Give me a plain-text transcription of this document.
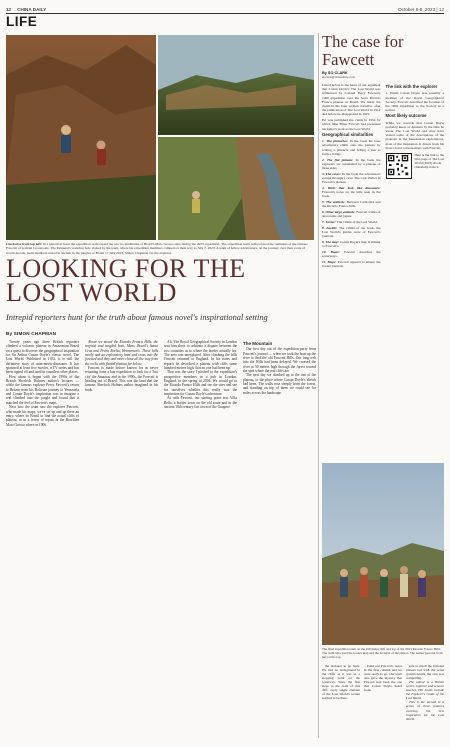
12 CHINA DAILY	October 6-8, 2023 | 12
LIFE
Clockwise from top left: In a historical hotel the expedition team repaid the saw its landmarks of Brazil's Mato Grosso state during the 2023 expedition. The expedition team rediscovered the remnants of the famous Fawcett of Gabriel Crossroads. The Pantanal's watering hole visited by the team, where his expedition members camped on their way to July 7, 2023. A team of fellow adventurers, on the journey over their route of recent decade, team members rested in ancient in the jungles of Brazil 17 July 2023. Simon Chapman via the explorer.
LOOKING FOR THE LOST WORLD
Intrepid reporters hunt for the truth about famous novel's inspirational setting
By SIMON CHAPMAN

Twenty years ago three British reporters climbed a volcanic plateau in Amazonian Brazil on a quest to discover the geographical inspiration for Sir Arthur Conan Doyle's classic novel, The Lost World. Published in 1912, it is still the definitive story of man-meets-dinosaurs. It has spawned at least five movies, a TV series and has been ripped off and used in countless other places.

How about it began with the 1990s of the British Sherlock Holmes author's lectures — while the famous explorer Percy Fawcett's return to Britain from his Bolivian journey to Venezuela and Conan Doyle's inspiration was to imagine a real climbed into the jungle and found that it matched the feel of Fawcett's maps.

Next how the team saw the explorer Fawcett, who made his maps, we've set up and up there an entry, where its Brazil to find the actual cliffs of plateau, or in a forest of tepuis in the Brazilian Mato Grosso where in 1906.

Above we mixed the Ricardo Franco Hills, the tropical and tangled boat, Mato, Brazil's Santa Cruz and Pedra Rocha, Wenneman's. These hills rarely and an exploratory hunt and cross into the forested and they and more chose all the way from the rocks with flatted plateau far below.

Fawcett is made before known for as never returning from a late expedition to look for a 'lost city' the Amazon, and in the 1990s, the Fawcett is heading out of Brazil. This was the land that the famous Sherlock Holmes author imagined in his book.

All. The Royal Geographical Society in London sent him there to arbitrate a dispute between the two countries as to where the border actually lay. The area was unexplored. After climbing the hills Fawcett returned to England. In his notes and reports he described a plateau with cliffs some hundred meters high, that no one had been up.

That was the story I pitched to the expedition's prospective members in a pub in London, England, in the spring of 2004. We would go to the Ricardo Franco Hills and see the sites and see for ourselves whether this really was the inspiration for Conan Doyle's adventure.

As with Fawcett, our starting point was Villa Bella, a border town on the old route and in the ancient 18th century fort town of the Guaporé.

The Mountain

Our first day out of the expedition party from Fawcett's journal — when we took the boat up the river to find the old Fawcett Hills. Our long trek into the Hills had been delayed. We crossed the river at 50 meters high through the forest toward the spot where the real cliffs are.

The next day we climbed up to the rim of the plateau, to the place where Conan Doyle's sketch had been. The walls rose steeply from the forest, and standing on top of them we could see for miles across the landscape.

The case for Fawcett
By SO CLARK
zhclark@chinadaily.com

Listed below is the basis of our argument that Conan Doyle's The Lost World was influenced by Colonel Percy Fawcett's 1906 expedition over the Serra Ricardo Franco plateau in Brazil. We made the claim in his later written narrative after the publication of The Lost World in 1912 and before he disappeared in 1925.

He was published the claim in 1954 by which time Brian Fawcett had presented his father's work as the Lost World.

Geographical similarities

1. The pinnacles: In the book the base adventurers climb onto the plateau by scaling a pinnacle and felling a tree to form a bridge.

2. The flat plateau: In the book the explorers are astonished by a plateau of three sides.

3. The caves: In the book the adventurers escape through a cave. The rock shelter in Fawcett's plateau.

4. Birds that look like dinosaurs: Fawcett's notes on the hills seen in the book.

5. The animals: Between Cachoeira and the Ricardo Franco hills.

6. Other large animals: Fawcett writes of anacondas and jaguar.

7. Xavier: The villain of the Lost World.

8. Zacillo: The villain of the book, the Lost World's guides were of Fawcett's journals.

9. The map: Conan Doyle's map is similar to Fawcett's.

10. Boats: Fawcett describes the waterways.

11. Maps: Fawcett appears to ensure the border journals.

The link with the explorer

1. While Conan Doyle was possibly a member of the Royal Geographical Society, Fawcett described the location of his 1906 expedition to the Society in a lecture.

Most likely outcome

While we concede that Conan Doyle probably knew of Anabela by the time he wrote The Lost World and may have visited some of the descriptions of the plateaux in the Venezuelan explorations, most of the inspiration is drawn from his more recent conversations with Fawcett.

Here is the link to the Web page of The Lost World (2023) ebook
chinadaily.com.cn
The final expedition team on the 450 meter cliff and top of the 2023 Ricardo Franco Hills. The team who used the book's map and the location of the photos. The author (second from left) at the top.

the decision to go back. We had no background in the cliffs as it was as a stopping point on the waterway. Since the first steps to the team of this cliff, every single element of the Lost World's terrain seemed to be there.

Point out Fawcett's notes in the first column and we were ready to go. Our team also gave the mystery that Fawcett had been the one that Conan Doyle heard from.

safe to dwell the fictional plateau but with the acute ground details, the case was compelling.

The author is a British writer, explorer and science teacher. His books include the Explorer's Guide of the Lost World.

This is the second in a series of three features covering the new inspiration for the Lost World.
